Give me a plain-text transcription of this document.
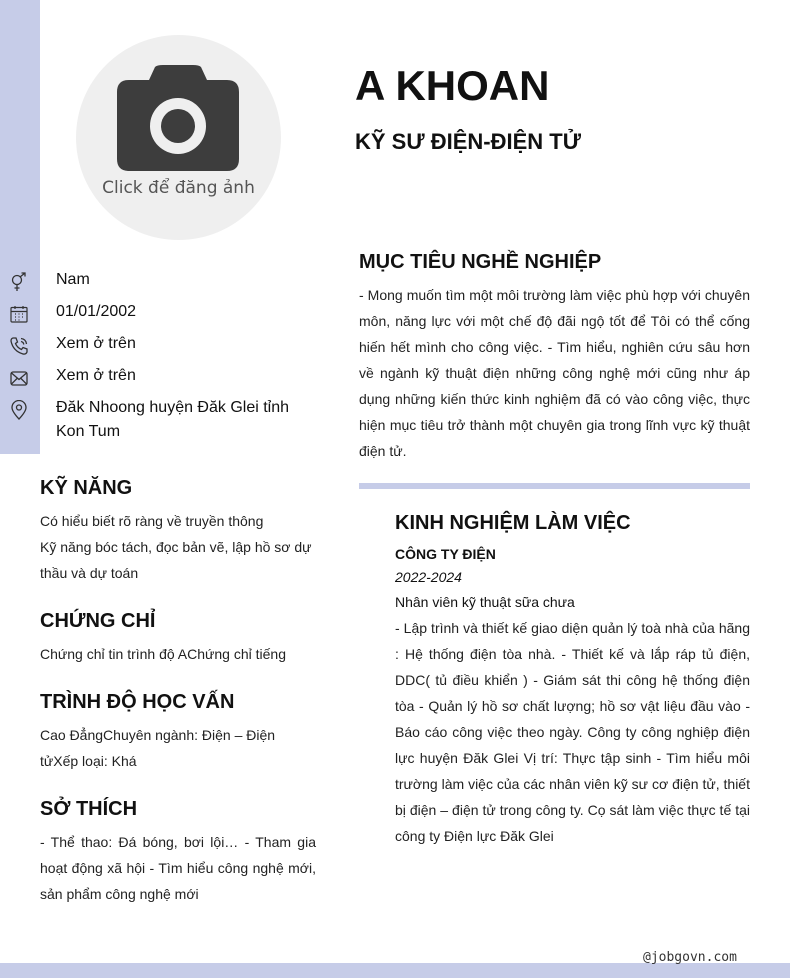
Click để đăng ảnh
A KHOAN
KỸ SƯ ĐIỆN-ĐIỆN TỬ
Nam
01/01/2002
Xem ở trên
Xem ở trên
Đăk Nhoong huyện Đăk Glei tỉnh Kon Tum
KỸ NĂNG

Có hiểu biết rõ ràng về truyền thông

Kỹ năng bóc tách, đọc bản vẽ, lập hồ sơ dự thầu và dự toán

CHỨNG CHỈ

Chứng chỉ tin trình độ AChứng chỉ tiếng

TRÌNH ĐỘ HỌC VẤN

Cao ĐẳngChuyên ngành: Điện – Điện tửXếp loại: Khá

SỞ THÍCH

- Thể thao: Đá bóng, bơi lội… - Tham gia hoạt động xã hội - Tìm hiểu công nghệ mới, sản phẩm công nghệ mới

MỤC TIÊU NGHỀ NGHIỆP

- Mong muốn tìm một môi trường làm việc phù hợp với chuyên môn, năng lực với một chế độ đãi ngộ tốt để Tôi có thể cống hiến hết mình cho công việc. - Tìm hiểu, nghiên cứu sâu hơn về ngành kỹ thuật điện những công nghệ mới cũng như áp dụng những kiến thức kinh nghiệm đã có vào công việc, thực hiện mục tiêu trở thành một chuyên gia trong lĩnh vực kỹ thuật điện tử.

KINH NGHIỆM LÀM VIỆC
CÔNG TY ĐIỆN
2022-2024
Nhân viên kỹ thuật sữa chưa

- Lập trình và thiết kế giao diện quản lý toà nhà của hãng : Hệ thống điện tòa nhà. - Thiết kế và lắp ráp tủ điện, DDC( tủ điều khiển ) - Giám sát thi công hệ thống điện tòa - Quản lý hồ sơ chất lượng; hồ sơ vật liệu đầu vào - Báo cáo công việc theo ngày. Công ty công nghiệp điện lực huyện Đăk Glei Vị trí: Thực tập sinh - Tìm hiểu môi trường làm việc của các nhân viên kỹ sư cơ điện tử, thiết bị điện – điện tử trong công ty. Cọ sát làm việc thực tế tại công ty Điện lực Đăk Glei

@jobgovn.com
